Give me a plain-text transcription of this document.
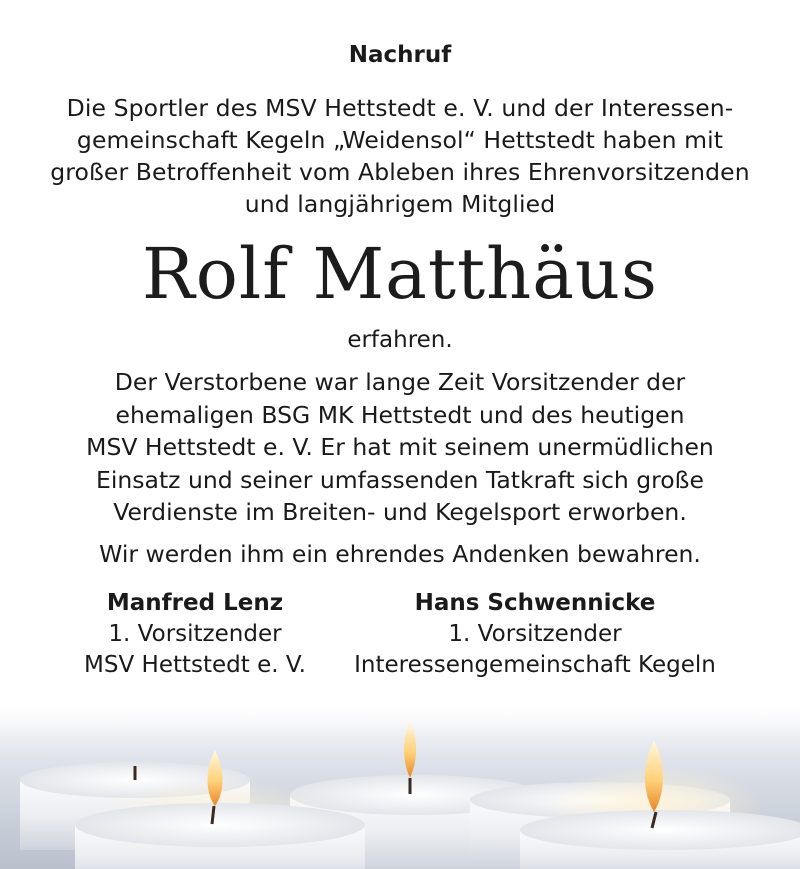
Nachruf
Die Sportler des MSV Hettstedt e. V. und der Interessen-
gemeinschaft Kegeln „Weidensol“ Hettstedt haben mit
großer Betroffenheit vom Ableben ihres Ehrenvorsitzenden
und langjährigem Mitglied
Rolf Matthäus
erfahren.
Der Verstorbene war lange Zeit Vorsitzender der
ehemaligen BSG MK Hettstedt und des heutigen
MSV Hettstedt e. V. Er hat mit seinem unermüdlichen
Einsatz und seiner umfassenden Tatkraft sich große
Verdienste im Breiten- und Kegelsport erworben.
Wir werden ihm ein ehrendes Andenken bewahren.
Manfred Lenz
1. Vorsitzender
MSV Hettstedt e. V.
Hans Schwennicke
1. Vorsitzender
Interessengemeinschaft Kegeln
